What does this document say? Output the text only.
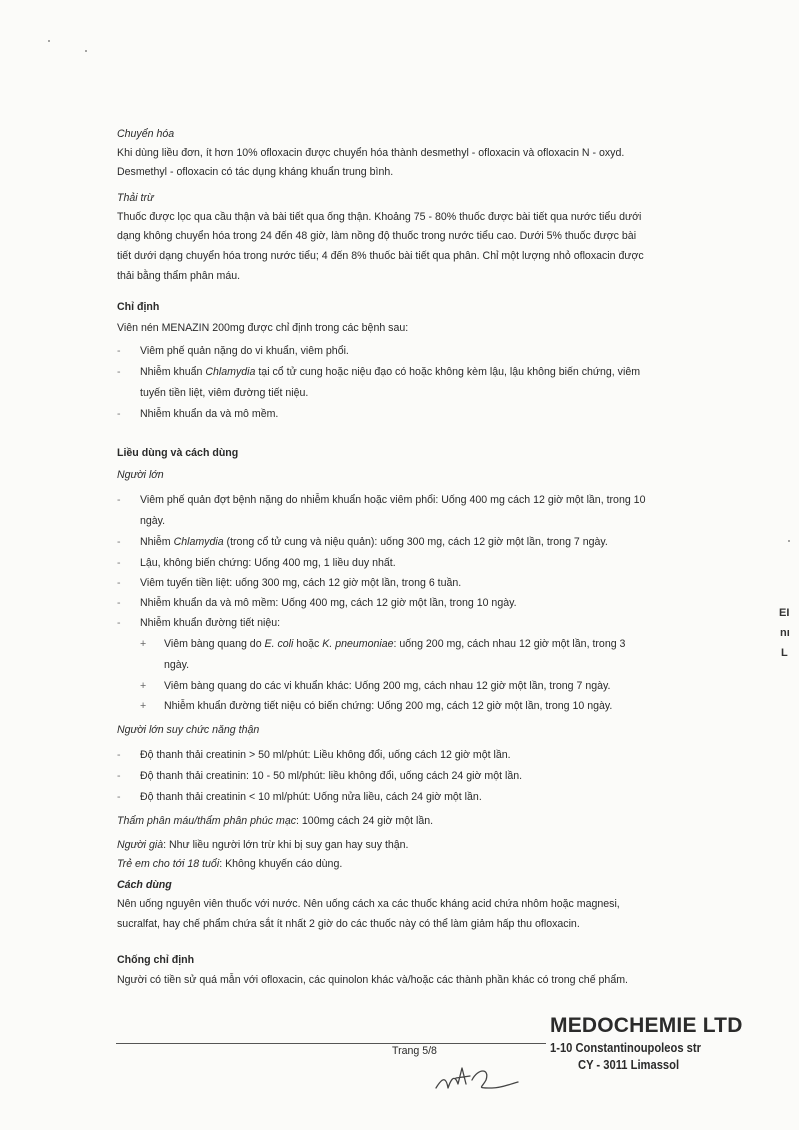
Chuyển hóa
Khi dùng liều đơn, ít hơn 10% ofloxacin được chuyển hóa thành desmethyl - ofloxacin và ofloxacin N - oxyd.
Desmethyl - ofloxacin có tác dụng kháng khuẩn trung bình.
Thải trừ
Thuốc được lọc qua cầu thận và bài tiết qua ống thận. Khoảng 75 - 80% thuốc được bài tiết qua nước tiểu dưới
dạng không chuyển hóa trong 24 đến 48 giờ, làm nồng độ thuốc trong nước tiểu cao. Dưới 5% thuốc được bài
tiết dưới dạng chuyển hóa trong nước tiểu; 4 đến 8% thuốc bài tiết qua phân. Chỉ một lượng nhỏ ofloxacin được
thải bằng thẩm phân máu.
Chỉ định
Viên nén MENAZIN 200mg được chỉ định trong các bệnh sau:
- Viêm phế quản nặng do vi khuẩn, viêm phổi.
- Nhiễm khuẩn Chlamydia tại cổ tử cung hoặc niệu đạo có hoặc không kèm lậu, lậu không biến chứng, viêm
tuyến tiền liệt, viêm đường tiết niệu.
- Nhiễm khuẩn da và mô mềm.
Liều dùng và cách dùng
Người lớn
- Viêm phế quản đợt bệnh nặng do nhiễm khuẩn hoặc viêm phổi: Uống 400 mg cách 12 giờ một lần, trong 10
ngày.
- Nhiễm Chlamydia (trong cổ tử cung và niệu quản): uống 300 mg, cách 12 giờ một lần, trong 7 ngày.
- Lậu, không biến chứng: Uống 400 mg, 1 liều duy nhất.
- Viêm tuyến tiền liệt: uống 300 mg, cách 12 giờ một lần, trong 6 tuần.
- Nhiễm khuẩn da và mô mềm: Uống 400 mg, cách 12 giờ một lần, trong 10 ngày.
- Nhiễm khuẩn đường tiết niệu:
+ Viêm bàng quang do E. coli hoặc K. pneumoniae: uống 200 mg, cách nhau 12 giờ một lần, trong 3
ngày.
+ Viêm bàng quang do các vi khuẩn khác: Uống 200 mg, cách nhau 12 giờ một lần, trong 7 ngày.
+ Nhiễm khuẩn đường tiết niệu có biến chứng: Uống 200 mg, cách 12 giờ một lần, trong 10 ngày.
Người lớn suy chức năng thận
- Độ thanh thải creatinin > 50 ml/phút: Liều không đổi, uống cách 12 giờ một lần.
- Độ thanh thải creatinin: 10 - 50 ml/phút: liều không đổi, uống cách 24 giờ một lần.
- Độ thanh thải creatinin < 10 ml/phút: Uống nửa liều, cách 24 giờ một lần.
Thẩm phân máu/thẩm phân phúc mạc: 100mg cách 24 giờ một lần.
Người già: Như liều người lớn trừ khi bị suy gan hay suy thận.
Trẻ em cho tới 18 tuổi: Không khuyến cáo dùng.
Cách dùng
Nên uống nguyên viên thuốc với nước. Nên uống cách xa các thuốc kháng acid chứa nhôm hoặc magnesi,
sucralfat, hay chế phẩm chứa sắt ít nhất 2 giờ do các thuốc này có thể làm giảm hấp thu ofloxacin.
Chống chỉ định
Người có tiền sử quá mẫn với ofloxacin, các quinolon khác và/hoặc các thành phần khác có trong chế phẩm.
EI
nı
L
Trang 5/8
MEDOCHEMIE LTD
1-10 Constantinoupoleos str
CY - 3011 Limassol
